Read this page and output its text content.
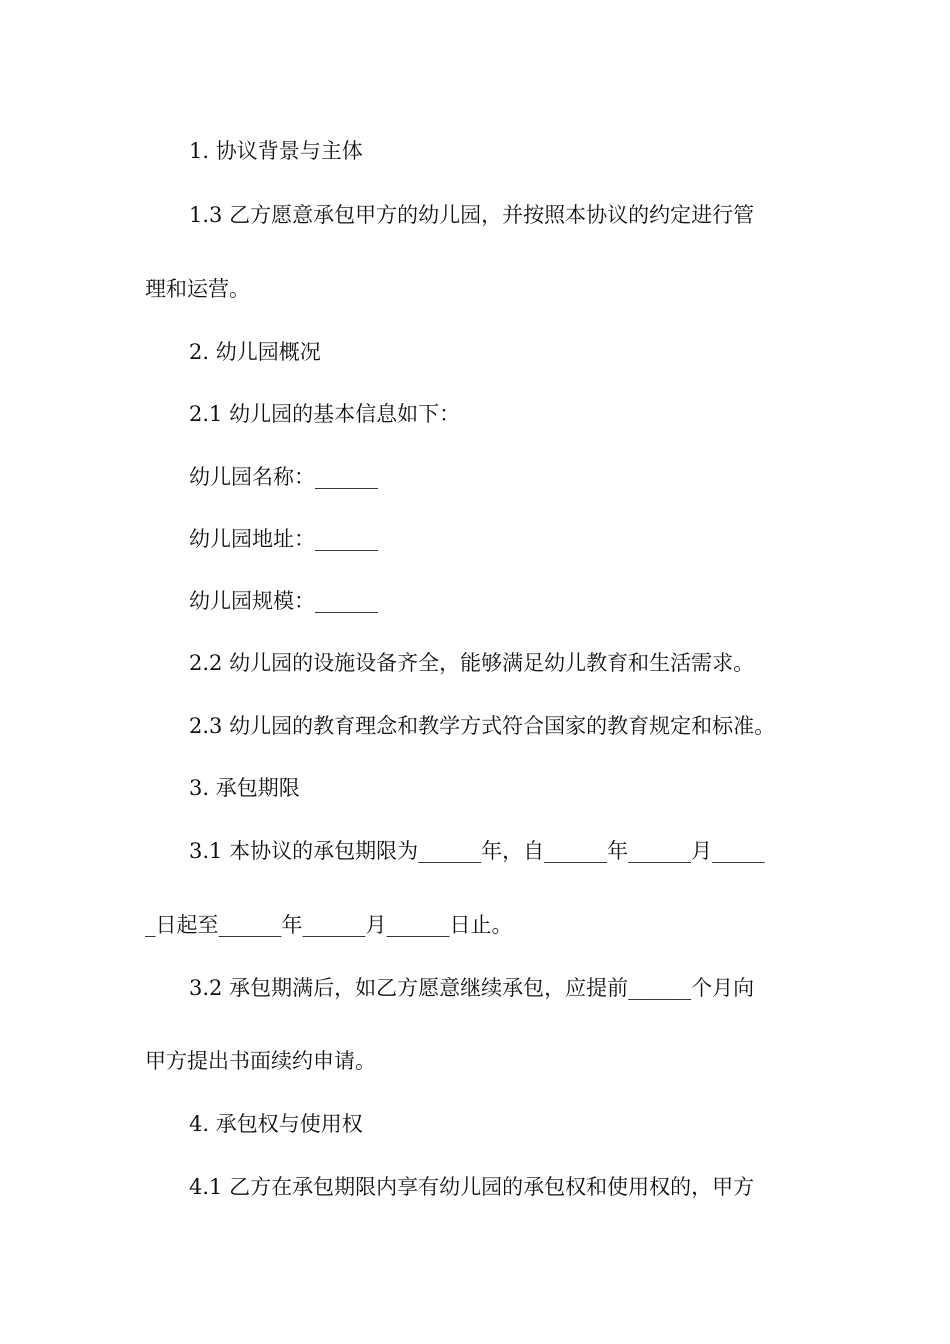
1. 协议背景与主体
1.3 乙方愿意承包甲方的幼儿园，并按照本协议的约定进行管
理和运营。
2. 幼儿园概况
2.1 幼儿园的基本信息如下：
幼儿园名称：______
幼儿园地址：______
幼儿园规模：______
2.2 幼儿园的设施设备齐全，能够满足幼儿教育和生活需求。
2.3 幼儿园的教育理念和教学方式符合国家的教育规定和标准。
3. 承包期限
3.1 本协议的承包期限为______年，自______年______月_____
_日起至______年______月______日止。
3.2 承包期满后，如乙方愿意继续承包，应提前______个月向
甲方提出书面续约申请。
4. 承包权与使用权
4.1 乙方在承包期限内享有幼儿园的承包权和使用权的，甲方
